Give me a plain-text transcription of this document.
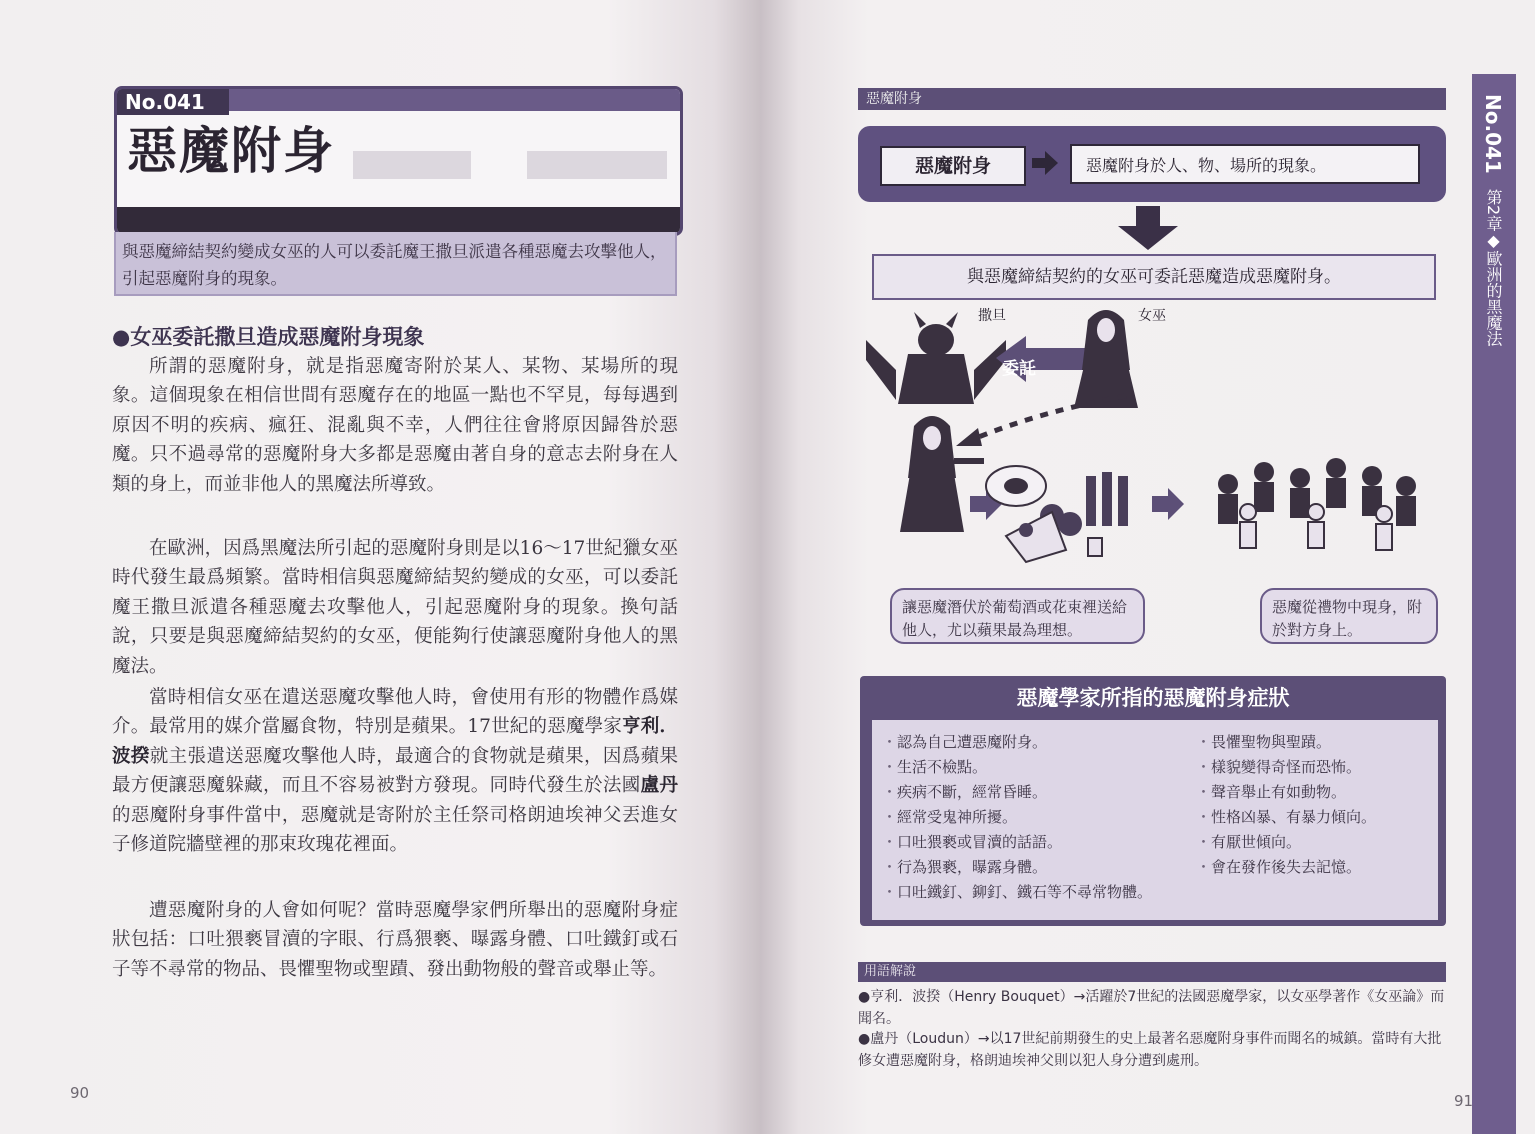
No.041
惡魔附身
與惡魔締結契約變成女巫的人可以委託魔王撒旦派遣各種惡魔去攻擊他人，引起惡魔附身的現象。
●女巫委託撒旦造成惡魔附身現象

所謂的惡魔附身，就是指惡魔寄附於某人、某物、某場所的現象。這個現象在相信世間有惡魔存在的地區一點也不罕見，每每遇到原因不明的疾病、瘋狂、混亂與不幸，人們往往會將原因歸咎於惡魔。只不過尋常的惡魔附身大多都是惡魔由著自身的意志去附身在人類的身上，而並非他人的黑魔法所導致。

在歐洲，因爲黑魔法所引起的惡魔附身則是以16～17世紀獵女巫時代發生最爲頻繁。當時相信與惡魔締結契約變成的女巫，可以委託魔王撒旦派遣各種惡魔去攻擊他人，引起惡魔附身的現象。換句話說，只要是與惡魔締結契約的女巫，便能夠行使讓惡魔附身他人的黑魔法。

當時相信女巫在遣送惡魔攻擊他人時，會使用有形的物體作爲媒介。最常用的媒介當屬食物，特別是蘋果。17世紀的惡魔學家亨利．波揆就主張遣送惡魔攻擊他人時，最適合的食物就是蘋果，因爲蘋果最方便讓惡魔躲藏，而且不容易被對方發現。同時代發生於法國盧丹的惡魔附身事件當中，惡魔就是寄附於主任祭司格朗迪埃神父丟進女子修道院牆壁裡的那束玫瑰花裡面。

遭惡魔附身的人會如何呢？當時惡魔學家們所舉出的惡魔附身症狀包括：口吐猥褻冒瀆的字眼、行爲猥褻、曝露身體、口吐鐵釘或石子等不尋常的物品、畏懼聖物或聖蹟、發出動物般的聲音或舉止等。

90
惡魔附身	No.041
第2章◆歐洲的黑魔法
惡魔附身	惡魔附身於人、物、場所的現象。
與惡魔締結契約的女巫可委託惡魔造成惡魔附身。
撒旦	女巫
委託
讓惡魔潛伏於葡萄酒或花束裡送給他人，尤以蘋果最為理想。
惡魔從禮物中現身，附於對方身上。
惡魔學家所指的惡魔附身症狀
・ 認為自己遭惡魔附身。
・ 生活不檢點。
・ 疾病不斷，經常昏睡。
・ 經常受鬼神所擾。
・ 口吐猥褻或冒瀆的話語。
・ 行為猥褻，曝露身體。
・ 口吐鐵釘、鉚釘、鐵石等不尋常物體。
・ 畏懼聖物與聖蹟。
・ 樣貌變得奇怪而恐怖。
・ 聲音舉止有如動物。
・ 性格凶暴、有暴力傾向。
・ 有厭世傾向。
・ 會在發作後失去記憶。
用語解說
●亨利．波揆（Henry Bouquet）→活躍於7世紀的法國惡魔學家，以女巫學著作《女巫論》而聞名。
●盧丹（Loudun）→以17世紀前期發生的史上最著名惡魔附身事件而聞名的城鎮。當時有大批修女遭惡魔附身，格朗迪埃神父則以犯人身分遭到處刑。
91
